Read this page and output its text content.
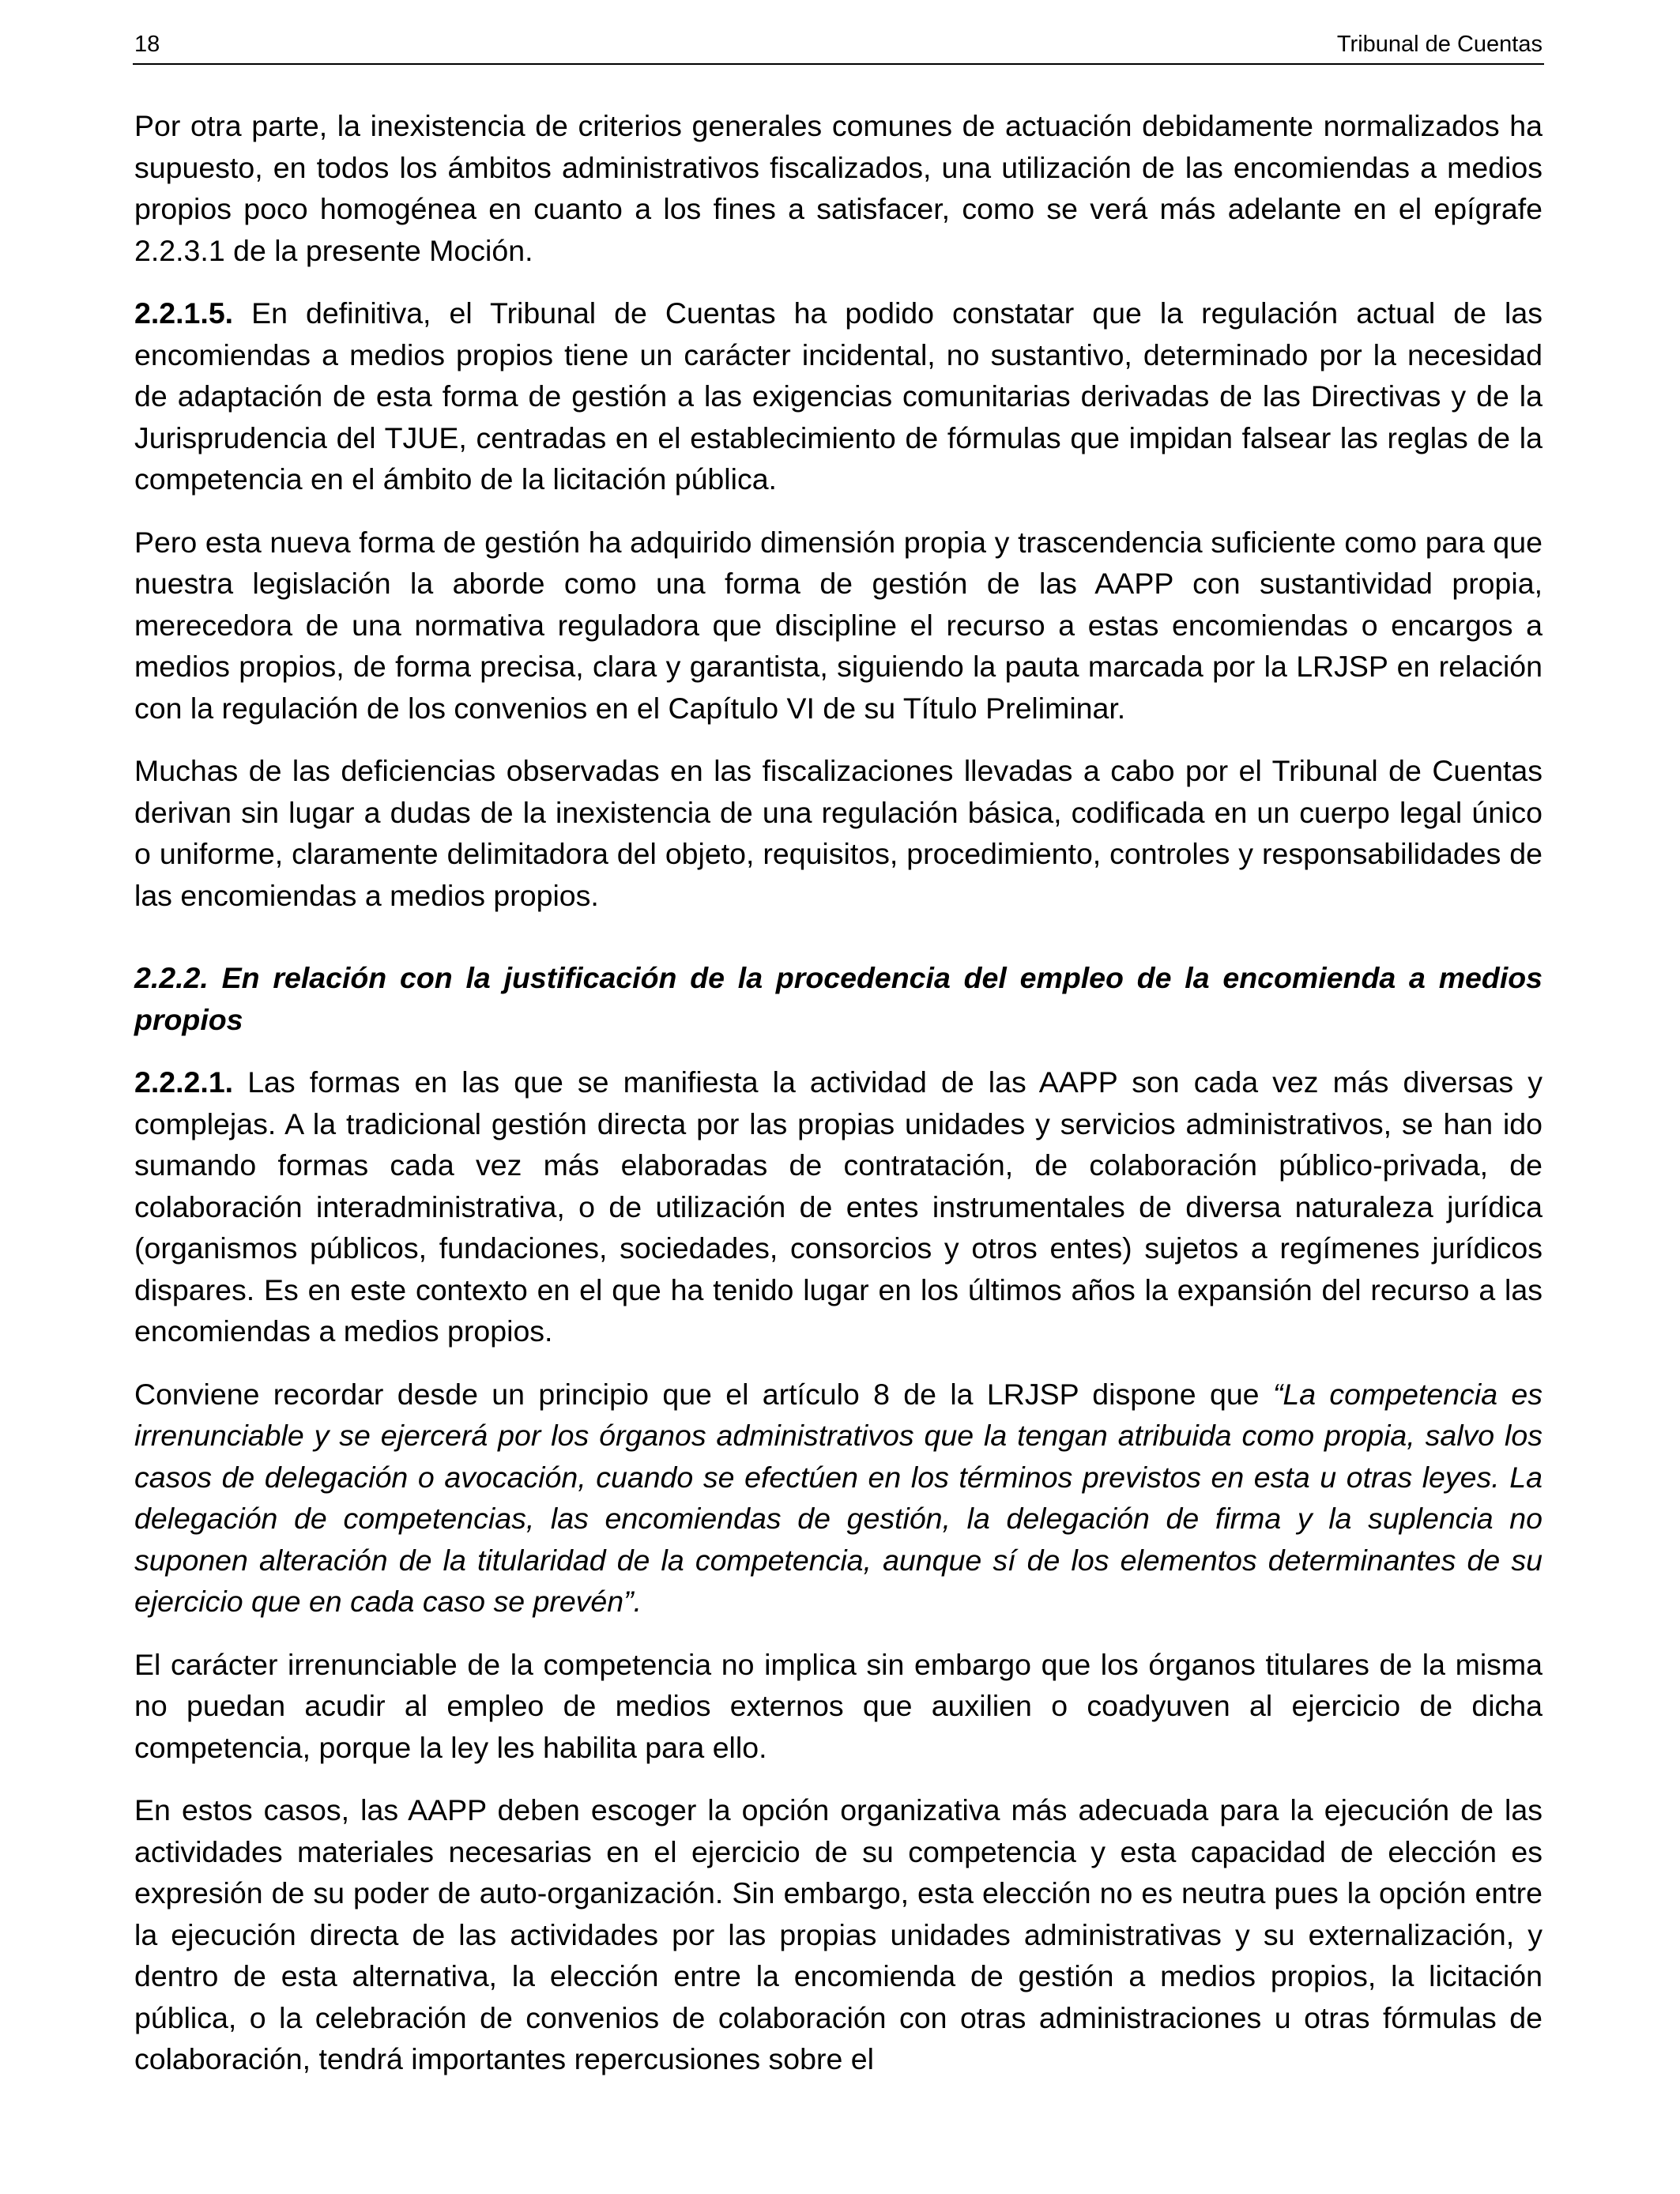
18	Tribunal de Cuentas

Por otra parte, la inexistencia de criterios generales comunes de actuación debidamente normalizados ha supuesto, en todos los ámbitos administrativos fiscalizados, una utilización de las encomiendas a medios propios poco homogénea en cuanto a los fines a satisfacer, como se verá más adelante en el epígrafe 2.2.3.1 de la presente Moción.

2.2.1.5. En definitiva, el Tribunal de Cuentas ha podido constatar que la regulación actual de las encomiendas a medios propios tiene un carácter incidental, no sustantivo, determinado por la necesidad de adaptación de esta forma de gestión a las exigencias comunitarias derivadas de las Directivas y de la Jurisprudencia del TJUE, centradas en el establecimiento de fórmulas que impidan falsear las reglas de la competencia en el ámbito de la licitación pública.

Pero esta nueva forma de gestión ha adquirido dimensión propia y trascendencia suficiente como para que nuestra legislación la aborde como una forma de gestión de las AAPP con sustantividad propia, merecedora de una normativa reguladora que discipline el recurso a estas encomiendas o encargos a medios propios, de forma precisa, clara y garantista, siguiendo la pauta marcada por la LRJSP en relación con la regulación de los convenios en el Capítulo VI de su Título Preliminar.

Muchas de las deficiencias observadas en las fiscalizaciones llevadas a cabo por el Tribunal de Cuentas derivan sin lugar a dudas de la inexistencia de una regulación básica, codificada en un cuerpo legal único o uniforme, claramente delimitadora del objeto, requisitos, procedimiento, controles y responsabilidades de las encomiendas a medios propios.

2.2.2. En relación con la justificación de la procedencia del empleo de la encomienda a medios propios

2.2.2.1. Las formas en las que se manifiesta la actividad de las AAPP son cada vez más diversas y complejas. A la tradicional gestión directa por las propias unidades y servicios administrativos, se han ido sumando formas cada vez más elaboradas de contratación, de colaboración público-privada, de colaboración interadministrativa, o de utilización de entes instrumentales de diversa naturaleza jurídica (organismos públicos, fundaciones, sociedades, consorcios y otros entes) sujetos a regímenes jurídicos dispares. Es en este contexto en el que ha tenido lugar en los últimos años la expansión del recurso a las encomiendas a medios propios.

Conviene recordar desde un principio que el artículo 8 de la LRJSP dispone que “La competencia es irrenunciable y se ejercerá por los órganos administrativos que la tengan atribuida como propia, salvo los casos de delegación o avocación, cuando se efectúen en los términos previstos en esta u otras leyes. La delegación de competencias, las encomiendas de gestión, la delegación de firma y la suplencia no suponen alteración de la titularidad de la competencia, aunque sí de los elementos determinantes de su ejercicio que en cada caso se prevén”.

El carácter irrenunciable de la competencia no implica sin embargo que los órganos titulares de la misma no puedan acudir al empleo de medios externos que auxilien o coadyuven al ejercicio de dicha competencia, porque la ley les habilita para ello.

En estos casos, las AAPP deben escoger la opción organizativa más adecuada para la ejecución de las actividades materiales necesarias en el ejercicio de su competencia y esta capacidad de elección es expresión de su poder de auto-organización. Sin embargo, esta elección no es neutra pues la opción entre la ejecución directa de las actividades por las propias unidades administrativas y su externalización, y dentro de esta alternativa, la elección entre la encomienda de gestión a medios propios, la licitación pública, o la celebración de convenios de colaboración con otras administraciones u otras fórmulas de colaboración, tendrá importantes repercusiones sobre el
